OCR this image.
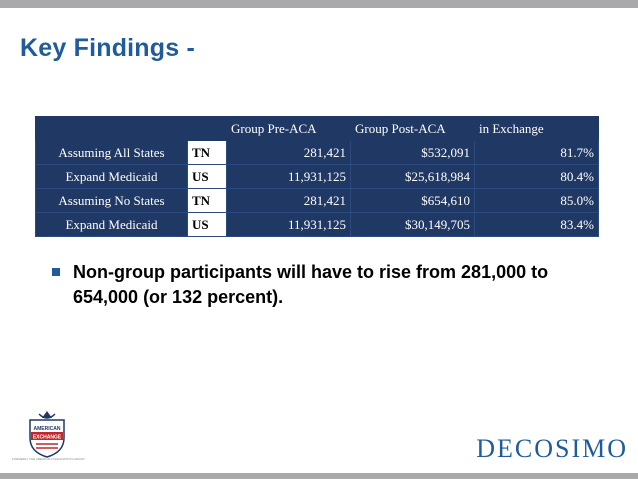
Key Findings -
		Group Pre-ACA	Group Post-ACA	in Exchange
Assuming All States	TN	281,421	$532,091	81.7%
Expand Medicaid	US	11,931,125	$25,618,984	80.4%
Assuming No States	TN	281,421	$654,610	85.0%
Expand Medicaid	US	11,931,125	$30,149,705	83.4%
Non-group participants will have to rise from 281,000 to 654,000 (or 132 percent).
AMERICAN
EXCHANGE
FORMERLY THE AMERICAN ASSOCIATION GROUP	DECOSIMO
